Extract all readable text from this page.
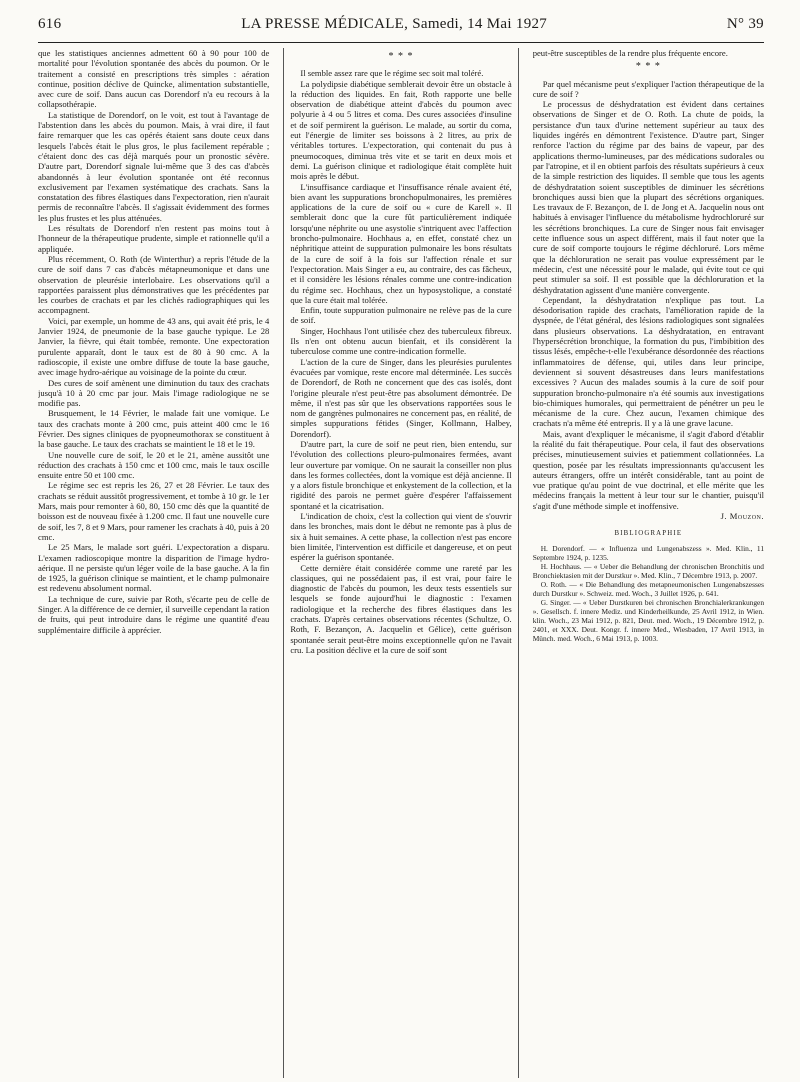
616	LA PRESSE MÉDICALE, Samedi, 14 Mai 1927	N° 39

que les statistiques anciennes admettent 60 à 90 pour 100 de mortalité pour l'évolution spontanée des abcès du poumon. Or le traitement a consisté en prescriptions très simples : aération continue, position déclive de Quincke, alimentation substantielle, avec cure de soif. Dans aucun cas Dorendorf n'a eu recours à la collapsothérapie.

La statistique de Dorendorf, on le voit, est tout à l'avantage de l'abstention dans les abcès du poumon. Mais, à vrai dire, il faut faire remarquer que les cas opérés étaient sans doute ceux dans lesquels l'abcès était le plus gros, le plus facilement repérable ; c'étaient donc des cas déjà marqués pour un pronostic sévère. D'autre part, Dorendorf signale lui-même que 3 des cas d'abcès abandonnés à leur évolution spontanée ont été reconnus exclusivement par l'examen systématique des crachats. Sans la constatation des fibres élastiques dans l'expectoration, rien n'aurait permis de reconnaître l'abcès. Il s'agissait évidemment des formes les plus frustes et les plus atténuées.

Les résultats de Dorendorf n'en restent pas moins tout à l'honneur de la thérapeutique prudente, simple et rationnelle qu'il a appliquée.

Plus récemment, O. Roth (de Winterthur) a repris l'étude de la cure de soif dans 7 cas d'abcès métapneumonique et dans une observation de pleurésie interlobaire. Les observations qu'il a rapportées paraissent plus démonstratives que les précédentes par les courbes de crachats et par les clichés radiographiques qui les accompagnent.

Voici, par exemple, un homme de 43 ans, qui avait été pris, le 4 Janvier 1924, de pneumonie de la base gauche typique. Le 28 Janvier, la fièvre, qui était tombée, remonte. Une expectoration purulente apparaît, dont le taux est de 80 à 90 cmc. A la radioscopie, il existe une ombre diffuse de toute la base gauche, avec image hydro-aérique au voisinage de la pointe du cœur.

Des cures de soif amènent une diminution du taux des crachats jusqu'à 10 à 20 cmc par jour. Mais l'image radiologique ne se modifie pas.

Brusquement, le 14 Février, le malade fait une vomique. Le taux des crachats monte à 200 cmc, puis atteint 400 cmc le 16 Février. Des signes cliniques de pyopneumothorax se constituent à la base gauche. Le taux des crachats se maintient le 18 et le 19.

Une nouvelle cure de soif, le 20 et le 21, amène aussitôt une réduction des crachats à 150 cmc et 100 cmc, mais le taux oscille ensuite entre 50 et 100 cmc.

Le régime sec est repris les 26, 27 et 28 Février. Le taux des crachats se réduit aussitôt progressivement, et tombe à 10 gr. le 1er Mars, mais pour remonter à 60, 80, 150 cmc dès que la quantité de boisson est de nouveau fixée à 1.200 cmc. Il faut une nouvelle cure de soif, les 7, 8 et 9 Mars, pour ramener les crachats à 40, puis à 20 cmc.

Le 25 Mars, le malade sort guéri. L'expectoration a disparu. L'examen radioscopique montre la disparition de l'image hydro-aérique. Il ne persiste qu'un léger voile de la base gauche. A la fin de 1925, la guérison clinique se maintient, et le champ pulmonaire est redevenu absolument normal.

La technique de cure, suivie par Roth, s'écarte peu de celle de Singer. A la différence de ce dernier, il surveille cependant la ration de fruits, qui peut introduire dans le régime une quantité d'eau supplémentaire difficile à apprécier.

* * *

Il semble assez rare que le régime sec soit mal toléré.

La polydipsie diabétique semblerait devoir être un obstacle à la réduction des liquides. En fait, Roth rapporte une belle observation de diabétique atteint d'abcès du poumon avec polyurie à 4 ou 5 litres et coma. Des cures associées d'insuline et de soif permirent la guérison. Le malade, au sortir du coma, eut l'énergie de limiter ses boissons à 2 litres, au prix de véritables tortures. L'expectoration, qui contenait du pus à pneumocoques, diminua très vite et se tarit en deux mois et demi. La guérison clinique et radiologique était complète huit mois après le début.

L'insuffisance cardiaque et l'insuffisance rénale avaient été, bien avant les suppurations bronchopulmonaires, les premières applications de la cure de soif ou « cure de Karell ». Il semblerait donc que la cure fût particulièrement indiquée lorsqu'une néphrite ou une asystolie s'intriquent avec l'affection broncho-pulmonaire. Hochhaus a, en effet, constaté chez un néphritique atteint de suppuration pulmonaire les bons résultats de la cure de soif à la fois sur l'affection rénale et sur l'expectoration. Mais Singer a eu, au contraire, des cas fâcheux, et il considère les lésions rénales comme une contre-indication du régime sec. Hochhaus, chez un hyposystolique, a constaté que la cure était mal tolérée.

Enfin, toute suppuration pulmonaire ne relève pas de la cure de soif.

Singer, Hochhaus l'ont utilisée chez des tuberculeux fibreux. Ils n'en ont obtenu aucun bienfait, et ils considèrent la tuberculose comme une contre-indication formelle.

L'action de la cure de Singer, dans les pleurésies purulentes évacuées par vomique, reste encore mal déterminée. Les succès de Dorendorf, de Roth ne concernent que des cas isolés, dont l'origine pleurale n'est peut-être pas absolument démontrée. De même, il n'est pas sûr que les observations rapportées sous le nom de gangrènes pulmonaires ne concernent pas, en réalité, de simples suppurations fétides (Singer, Kollmann, Halbey, Dorendorf).

D'autre part, la cure de soif ne peut rien, bien entendu, sur l'évolution des collections pleuro-pulmonaires fermées, avant leur ouverture par vomique. On ne saurait la conseiller non plus dans les formes collectées, dont la vomique est déjà ancienne. Il y a alors fistule bronchique et enkystement de la collection, et la rigidité des parois ne permet guère d'espérer l'affaissement spontané et la cicatrisation.

L'indication de choix, c'est la collection qui vient de s'ouvrir dans les bronches, mais dont le début ne remonte pas à plus de six à huit semaines. A cette phase, la collection n'est pas encore bien limitée, l'intervention est difficile et dangereuse, et on peut espérer la guérison spontanée.

Cette dernière était considérée comme une rareté par les classiques, qui ne possédaient pas, il est vrai, pour faire le diagnostic de l'abcès du poumon, les deux tests essentiels sur lesquels se fonde aujourd'hui le diagnostic : l'examen radiologique et la recherche des fibres élastiques dans les crachats. D'après certaines observations récentes (Schultze, O. Roth, F. Bezançon, A. Jacquelin et Gélice), cette guérison spontanée serait peut-être moins exceptionnelle qu'on ne l'avait cru. La position déclive et la cure de soif sont

peut-être susceptibles de la rendre plus fréquente encore.

* * *

Par quel mécanisme peut s'expliquer l'action thérapeutique de la cure de soif ?

Le processus de déshydratation est évident dans certaines observations de Singer et de O. Roth. La chute de poids, la persistance d'un taux d'urine nettement supérieur au taux des liquides ingérés en démontrent l'existence. D'autre part, Singer renforce l'action du régime par des bains de vapeur, par des applications thermo-lumineuses, par des médications sudorales ou par l'atropine, et il en obtient parfois des résultats supérieurs à ceux de la simple restriction des liquides. Il semble que tous les agents de déshydratation soient susceptibles de diminuer les sécrétions bronchiques aussi bien que la plupart des sécrétions organiques. Les travaux de F. Bezançon, de I. de Jong et A. Jacquelin nous ont habitués à envisager l'influence du métabolisme hydrochloruré sur les sécrétions bronchiques. La cure de Singer nous fait envisager cette influence sous un aspect différent, mais il faut noter que la cure de soif comporte toujours le régime déchloruré. Lors même que la déchloruration ne serait pas voulue expressément par le médecin, c'est une nécessité pour le malade, qui évite tout ce qui peut stimuler sa soif. Il est possible que la déchloruration et la déshydratation agissent d'une manière convergente.

Cependant, la déshydratation n'explique pas tout. La désodorisation rapide des crachats, l'amélioration rapide de la dyspnée, de l'état général, des lésions radiologiques sont signalées dans plusieurs observations. La déshydratation, en entravant l'hypersécrétion bronchique, la formation du pus, l'imbibition des tissus lésés, empêche-t-elle l'exubérance désordonnée des réactions inflammatoires de défense, qui, utiles dans leur principe, deviennent si souvent désastreuses dans leurs manifestations excessives ? Aucun des malades soumis à la cure de soif pour suppuration broncho-pulmonaire n'a été soumis aux investigations bio-chimiques humorales, qui permettraient de pénétrer un peu le mécanisme de la cure. Chez aucun, l'examen chimique des crachats n'a même été entrepris. Il y a là une grave lacune.

Mais, avant d'expliquer le mécanisme, il s'agit d'abord d'établir la réalité du fait thérapeutique. Pour cela, il faut des observations précises, minutieusement suivies et patiemment collationnées. La question, posée par les résultats impressionnants qu'accusent les auteurs étrangers, offre un intérêt considérable, tant au point de vue pratique qu'au point de vue doctrinal, et elle mérite que les médecins français la mettent à leur tour sur le chantier, puisqu'il s'agit d'une méthode simple et inoffensive.

J. Mouzon.
BIBLIOGRAPHIE

H. Dorendorf. — « Influenza und Lungenabszess ». Med. Klin., 11 Septembre 1924, p. 1235.

H. Hochhaus. — « Ueber die Behandlung der chronischen Bronchitis und Bronchiektasien mit der Durstkur ». Med. Klin., 7 Décembre 1913, p. 2007.

O. Roth. — « Die Behandlung des metapneumonischen Lungenabszesses durch Durstkur ». Schweiz. med. Woch., 3 Juillet 1926, p. 641.

G. Singer. — « Ueber Durstkuren bei chronischen Bronchialerkrankungen ». Gesellsch. f. innere Mediz. und Kinderheilkunde, 25 Avril 1912, in Wien. klin. Woch., 23 Mai 1912, p. 821, Deut. med. Woch., 19 Décembre 1912, p. 2401, et XXX. Deut. Kongr. f. innere Med., Wiesbaden, 17 Avril 1913, in Münch. med. Woch., 6 Mai 1913, p. 1003.
